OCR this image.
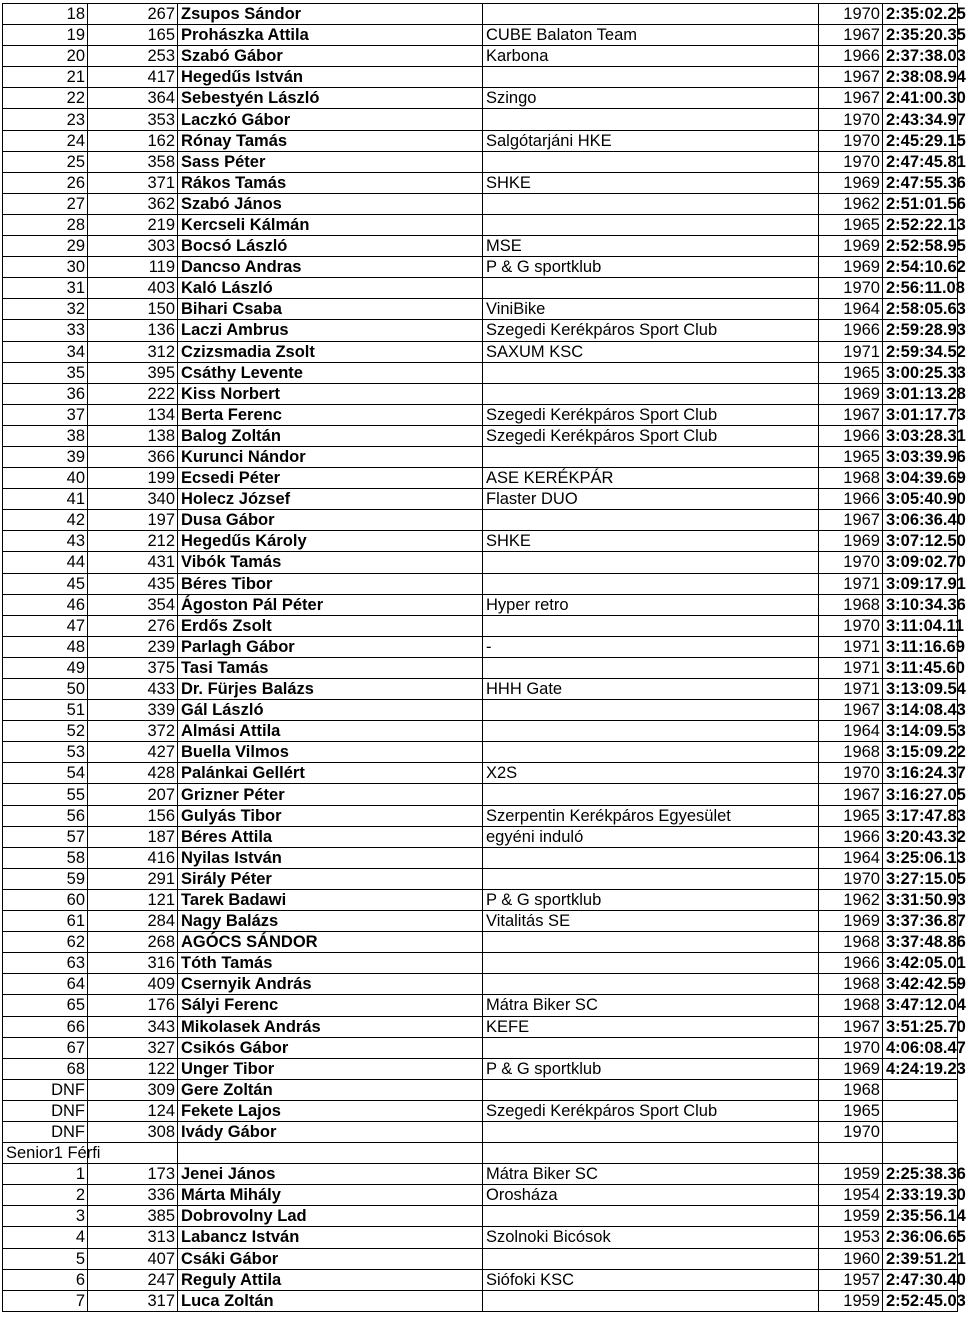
18	267	Zsupos Sándor		1970	2:35:02.25
19	165	Prohászka Attila	CUBE Balaton Team	1967	2:35:20.35
20	253	Szabó Gábor	Karbona	1966	2:37:38.03
21	417	Hegedűs István		1967	2:38:08.94
22	364	Sebestyén László	Szingo	1967	2:41:00.30
23	353	Laczkó Gábor		1970	2:43:34.97
24	162	Rónay Tamás	Salgótarjáni HKE	1970	2:45:29.15
25	358	Sass Péter		1970	2:47:45.81
26	371	Rákos Tamás	SHKE	1969	2:47:55.36
27	362	Szabó János		1962	2:51:01.56
28	219	Kercseli Kálmán		1965	2:52:22.13
29	303	Bocsó László	MSE	1969	2:52:58.95
30	119	Dancso Andras	P & G sportklub	1969	2:54:10.62
31	403	Kaló László		1970	2:56:11.08
32	150	Bihari Csaba	ViniBike	1964	2:58:05.63
33	136	Laczi Ambrus	Szegedi Kerékpáros Sport Club	1966	2:59:28.93
34	312	Czizsmadia Zsolt	SAXUM KSC	1971	2:59:34.52
35	395	Csáthy Levente		1965	3:00:25.33
36	222	Kiss Norbert		1969	3:01:13.28
37	134	Berta Ferenc	Szegedi Kerékpáros Sport Club	1967	3:01:17.73
38	138	Balog Zoltán	Szegedi Kerékpáros Sport Club	1966	3:03:28.31
39	366	Kurunci Nándor		1965	3:03:39.96
40	199	Ecsedi Péter	ASE KERÉKPÁR	1968	3:04:39.69
41	340	Holecz József	Flaster DUO	1966	3:05:40.90
42	197	Dusa Gábor		1967	3:06:36.40
43	212	Hegedűs Károly	SHKE	1969	3:07:12.50
44	431	Vibók Tamás		1970	3:09:02.70
45	435	Béres Tibor		1971	3:09:17.91
46	354	Ágoston Pál Péter	Hyper retro	1968	3:10:34.36
47	276	Erdős Zsolt		1970	3:11:04.11
48	239	Parlagh Gábor	-	1971	3:11:16.69
49	375	Tasi Tamás		1971	3:11:45.60
50	433	Dr. Fürjes Balázs	HHH Gate	1971	3:13:09.54
51	339	Gál László		1967	3:14:08.43
52	372	Almási Attila		1964	3:14:09.53
53	427	Buella Vilmos		1968	3:15:09.22
54	428	Palánkai Gellért	X2S	1970	3:16:24.37
55	207	Grizner Péter		1967	3:16:27.05
56	156	Gulyás Tibor	Szerpentin Kerékpáros Egyesület	1965	3:17:47.83
57	187	Béres Attila	egyéni induló	1966	3:20:43.32
58	416	Nyilas István		1964	3:25:06.13
59	291	Sirály Péter		1970	3:27:15.05
60	121	Tarek Badawi	P & G sportklub	1962	3:31:50.93
61	284	Nagy Balázs	Vitalitás SE	1969	3:37:36.87
62	268	AGÓCS SÁNDOR		1968	3:37:48.86
63	316	Tóth Tamás		1966	3:42:05.01
64	409	Csernyik András		1968	3:42:42.59
65	176	Sályi Ferenc	Mátra Biker SC	1968	3:47:12.04
66	343	Mikolasek András	KEFE	1967	3:51:25.70
67	327	Csikós Gábor		1970	4:06:08.47
68	122	Unger Tibor	P & G sportklub	1969	4:24:19.23
DNF	309	Gere Zoltán		1968	
DNF	124	Fekete Lajos	Szegedi Kerékpáros Sport Club	1965	
DNF	308	Ivády Gábor		1970	
Senior1 Férfi					
1	173	Jenei János	Mátra Biker SC	1959	2:25:38.36
2	336	Márta Mihály	Orosháza	1954	2:33:19.30
3	385	Dobrovolny Lad		1959	2:35:56.14
4	313	Labancz István	Szolnoki Bicósok	1953	2:36:06.65
5	407	Csáki Gábor		1960	2:39:51.21
6	247	Reguly Attila	Siófoki KSC	1957	2:47:30.40
7	317	Luca Zoltán		1959	2:52:45.03
